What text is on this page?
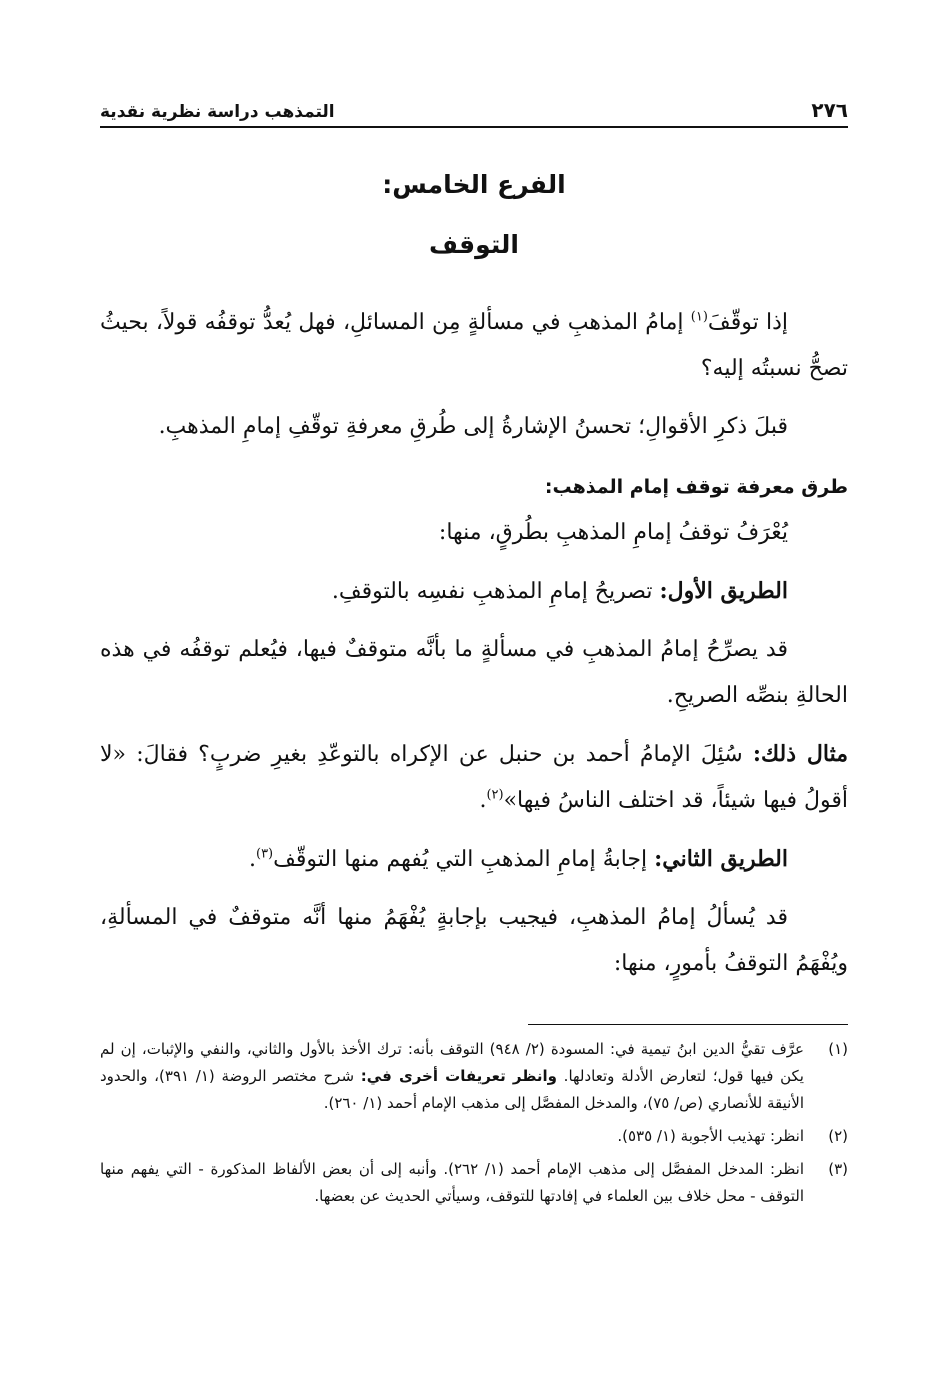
٢٧٦
التمذهب دراسة نظرية نقدية
الفرع الخامس:
التوقف

إذا توقّفَ$^{(١)}$ إمامُ المذهبِ في مسألةٍ مِن المسائلِ، فهل يُعدُّ توقفُه قولاً، بحيثُ تصحُّ نسبتُه إليه؟

قبلَ ذكرِ الأقوالِ؛ تحسنُ الإشارةُ إلى طُرقِ معرفةِ توقّفِ إمامِ المذهبِ.

طرق معرفة توقف إمام المذهب:

يُعْرَفُ توقفُ إمامِ المذهبِ بطُرقٍ، منها:

الطريق الأول: تصريحُ إمامِ المذهبِ نفسِه بالتوقفِ.

قد يصرِّحُ إمامُ المذهبِ في مسألةٍ ما بأنَّه متوقفٌ فيها، فيُعلم توقفُه في هذه الحالةِ بنصِّه الصريحِ.

مثال ذلك: سُئِلَ الإمامُ أحمد بن حنبل عن الإكراه بالتوعّدِ بغيرِ ضربٍ؟ فقالَ: «لا أقولُ فيها شيئاً، قد اختلف الناسُ فيها»$^{(٢)}$.

الطريق الثاني: إجابةُ إمامِ المذهبِ التي يُفهم منها التوقّف$^{(٣)}$.

قد يُسألُ إمامُ المذهبِ، فيجيب بإجابةٍ يُفْهَمُ منها أنَّه متوقفٌ في المسألةِ، ويُفْهَمُ التوقفُ بأمورٍ، منها:

(١)
عرَّف تقيُّ الدين ابنُ تيمية في: المسودة (٢/ ٩٤٨) التوقف بأنه: ترك الأخذ بالأول والثاني، والنفي والإثبات، إن لم يكن فيها قول؛ لتعارض الأدلة وتعادلها. وانظر تعريفات أخرى في: شرح مختصر الروضة (١/ ٣٩١)، والحدود الأنيقة للأنصاري (ص/ ٧٥)، والمدخل المفصَّل إلى مذهب الإمام أحمد (١/ ٢٦٠).
(٢)
انظر: تهذيب الأجوبة (١/ ٥٣٥).
(٣)
انظر: المدخل المفصَّل إلى مذهب الإمام أحمد (١/ ٢٦٢). وأنبه إلى أن بعض الألفاظ المذكورة - التي يفهم منها التوقف - محل خلاف بين العلماء في إفادتها للتوقف، وسيأتي الحديث عن بعضها.
